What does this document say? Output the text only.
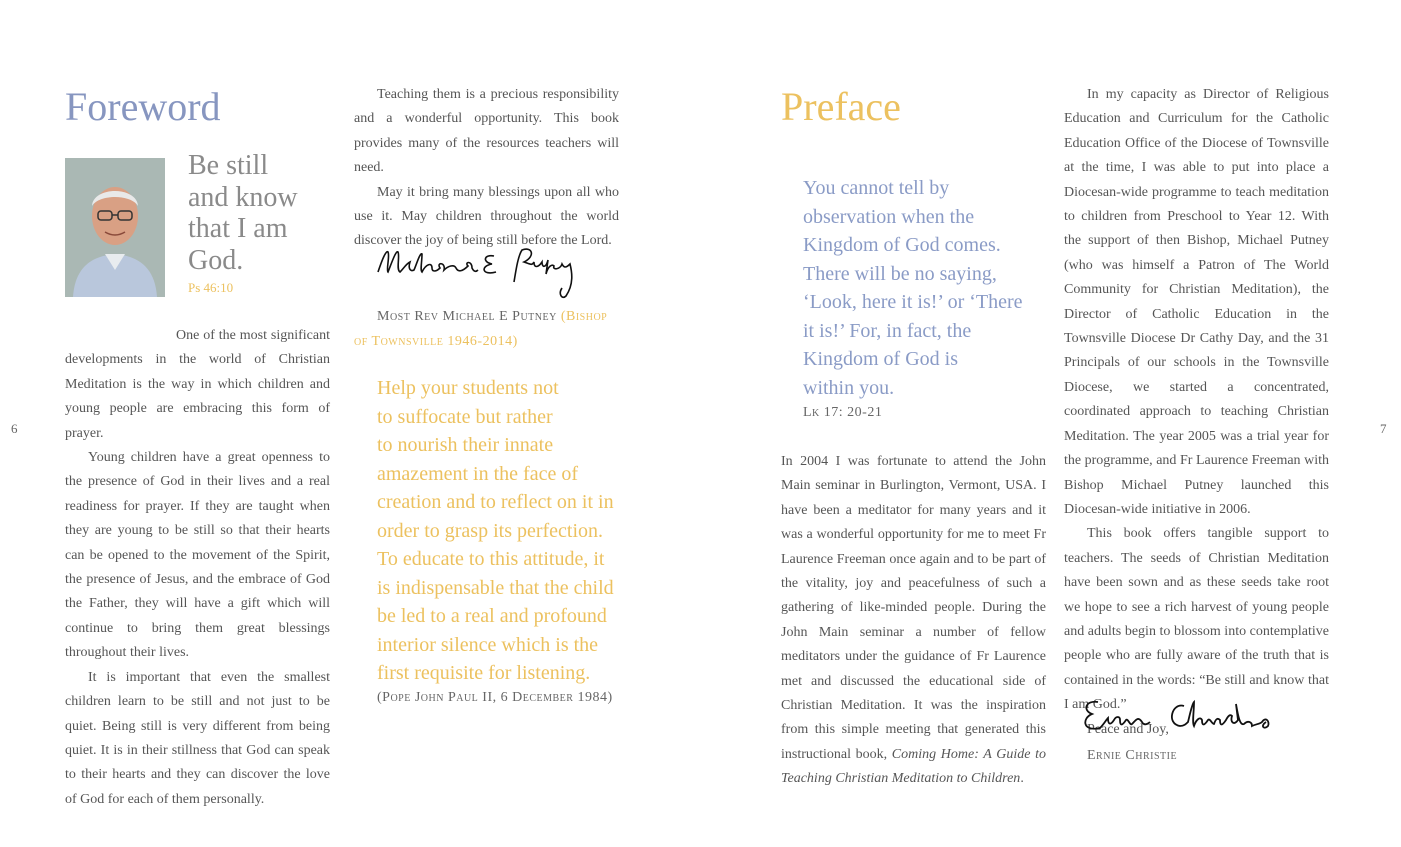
6
Foreword
Be still
and know
that I am
God.
Ps 46:10

One of the most significant developments in the world of Christian Meditation is the way in which children and young people are embracing this form of prayer.

Young children have a great openness to the presence of God in their lives and a real readiness for prayer. If they are taught when they are young to be still so that their hearts can be opened to the movement of the Spirit, the presence of Jesus, and the embrace of God the Father, they will have a gift which will continue to bring them great blessings throughout their lives.

It is important that even the smallest children learn to be still and not just to be quiet. Being still is very different from being quiet. It is in their stillness that God can speak to their hearts and they can discover the love of God for each of them personally.

Teaching them is a precious responsibility and a wonderful opportunity. This book provides many of the resources teachers will need.

May it bring many blessings upon all who use it. May children throughout the world discover the joy of being still before the Lord.

Most Rev Michael E Putney (Bishop of Townsville 1946-2014)
Help your students not
to suffocate but rather
to nourish their innate
amazement in the face of
creation and to reflect on it in
order to grasp its perfection.
To educate to this attitude, it
is indispensable that the child
be led to a real and profound
interior silence which is the
first requisite for listening.
(Pope John Paul II, 6 December 1984)
Preface
You cannot tell by
observation when the
Kingdom of God comes.
There will be no saying,
‘Look, here it is!’ or ‘There
it is!’ For, in fact, the
Kingdom of God is
within you.
Lk 17: 20-21

In 2004 I was fortunate to attend the John Main seminar in Burlington, Vermont, USA. I have been a meditator for many years and it was a wonderful opportunity for me to meet Fr Laurence Freeman once again and to be part of the vitality, joy and peacefulness of such a gathering of like-minded people. During the John Main seminar a number of fellow meditators under the guidance of Fr Laurence met and discussed the educational side of Christian Meditation. It was the inspiration from this simple meeting that generated this instructional book, Coming Home: A Guide to Teaching Christian Meditation to Children.

In my capacity as Director of Religious Education and Curriculum for the Catholic Education Office of the Diocese of Townsville at the time, I was able to put into place a Diocesan-wide programme to teach meditation to children from Preschool to Year 12. With the support of then Bishop, Michael Putney (who was himself a Patron of The World Community for Christian Meditation), the Director of Catholic Education in the Townsville Diocese Dr Cathy Day, and the 31 Principals of our schools in the Townsville Diocese, we started a concentrated, coordinated approach to teaching Christian Meditation. The year 2005 was a trial year for the programme, and Fr Laurence Freeman with Bishop Michael Putney launched this Diocesan-wide initiative in 2006.

This book offers tangible support to teachers. The seeds of Christian Meditation have been sown and as these seeds take root we hope to see a rich harvest of young people and adults begin to blossom into contemplative people who are fully aware of the truth that is contained in the words: “Be still and know that I am God.”

Peace and Joy,

Ernie Christie
7
